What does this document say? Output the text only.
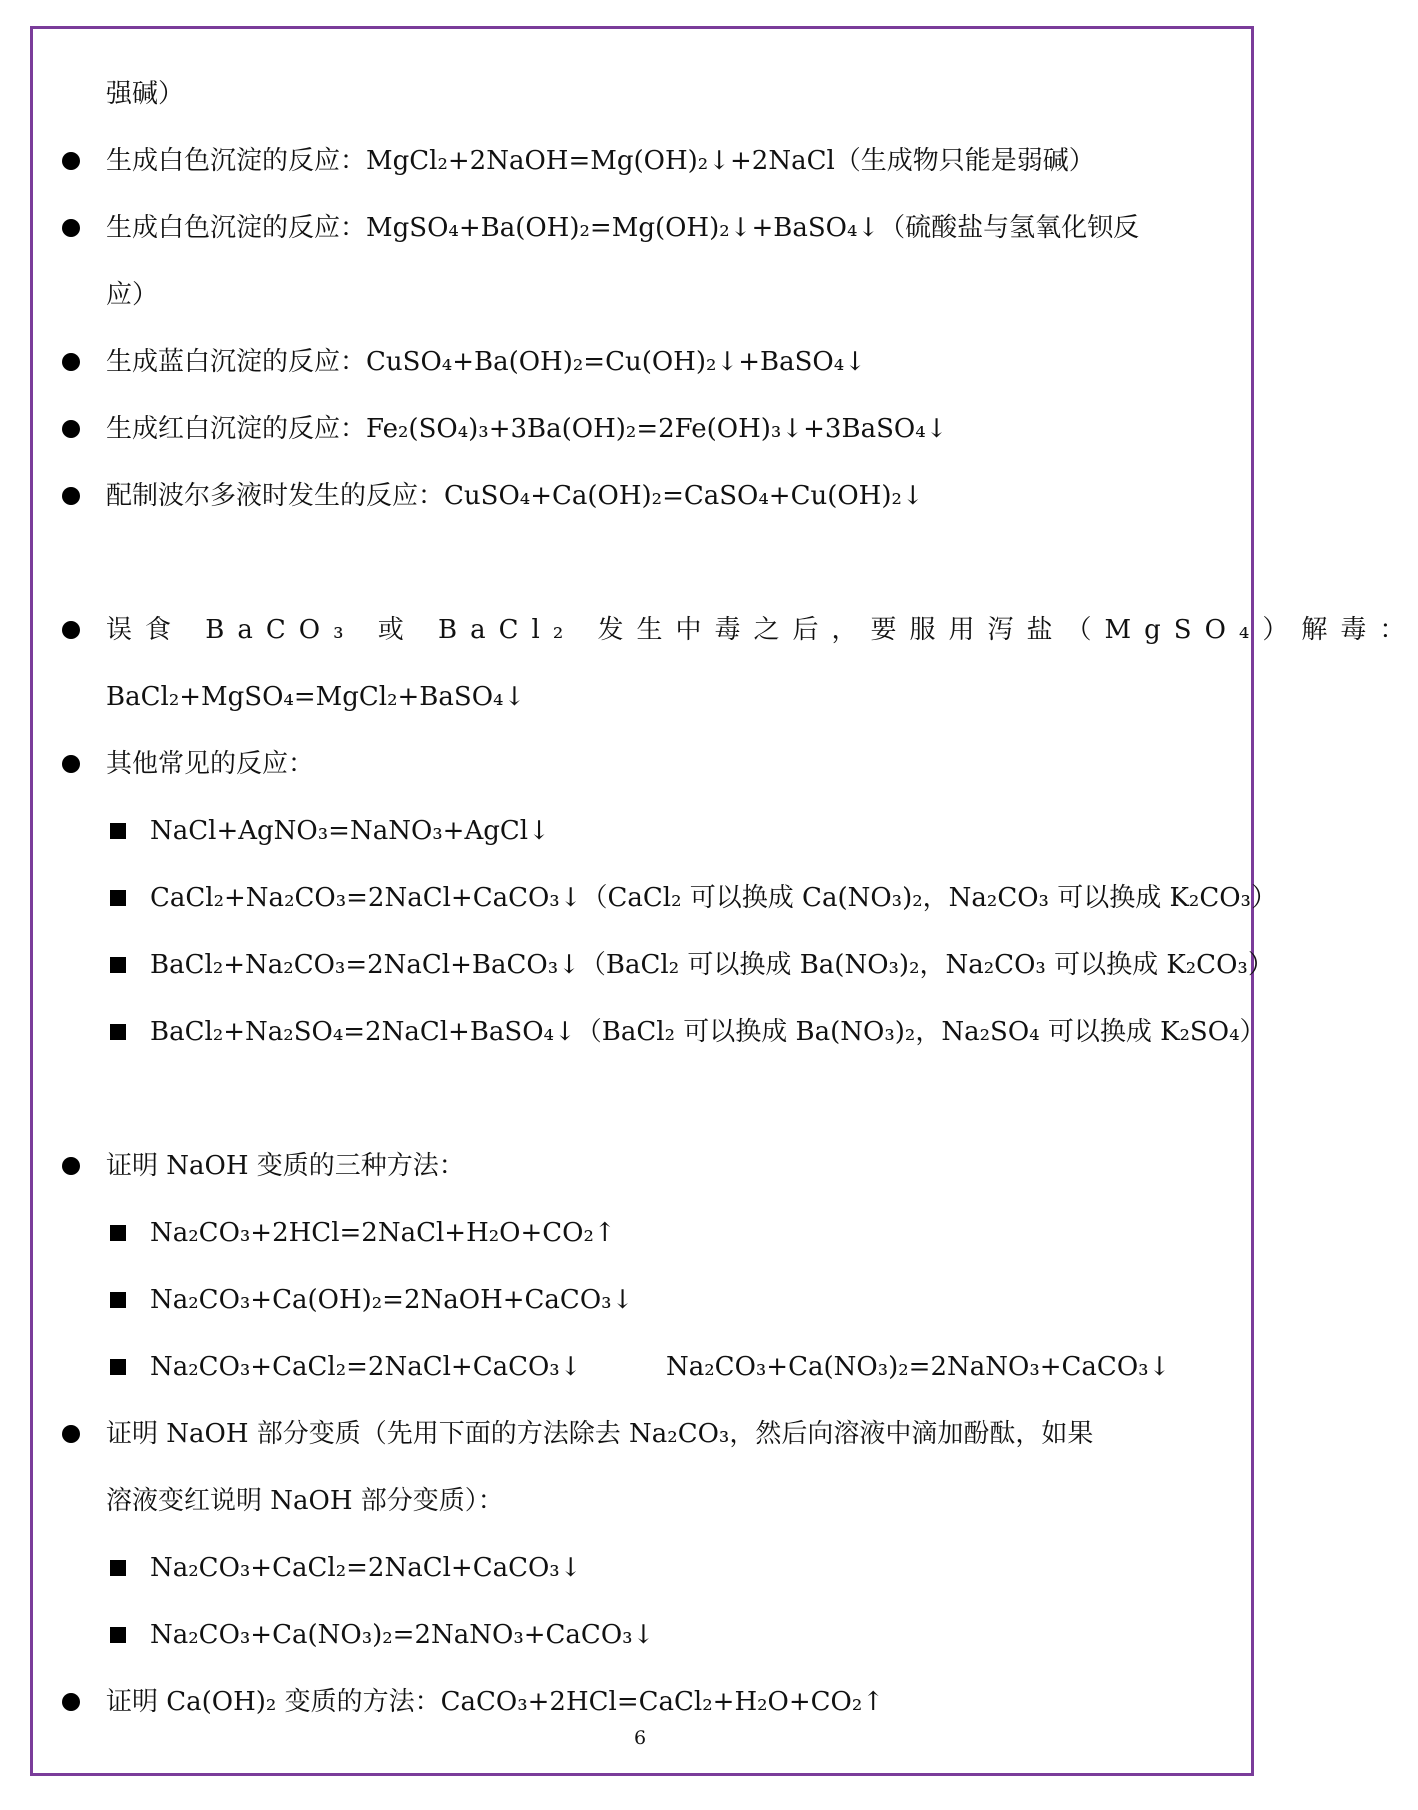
强碱）
生成白色沉淀的反应：MgCl₂+2NaOH=Mg(OH)₂↓+2NaCl（生成物只能是弱碱）
生成白色沉淀的反应：MgSO₄+Ba(OH)₂=Mg(OH)₂↓+BaSO₄↓（硫酸盐与氢氧化钡反
应）
生成蓝白沉淀的反应：CuSO₄+Ba(OH)₂=Cu(OH)₂↓+BaSO₄↓
生成红白沉淀的反应：Fe₂(SO₄)₃+3Ba(OH)₂=2Fe(OH)₃↓+3BaSO₄↓
配制波尔多液时发生的反应：CuSO₄+Ca(OH)₂=CaSO₄+Cu(OH)₂↓
误食 BaCO₃ 或 BaCl₂ 发生中毒之后，要服用泻盐（MgSO₄）解毒：
BaCl₂+MgSO₄=MgCl₂+BaSO₄↓
其他常见的反应：
NaCl+AgNO₃=NaNO₃+AgCl↓
CaCl₂+Na₂CO₃=2NaCl+CaCO₃↓（CaCl₂ 可以换成 Ca(NO₃)₂，Na₂CO₃ 可以换成 K₂CO₃）
BaCl₂+Na₂CO₃=2NaCl+BaCO₃↓（BaCl₂ 可以换成 Ba(NO₃)₂，Na₂CO₃ 可以换成 K₂CO₃）
BaCl₂+Na₂SO₄=2NaCl+BaSO₄↓（BaCl₂ 可以换成 Ba(NO₃)₂，Na₂SO₄ 可以换成 K₂SO₄）
证明 NaOH 变质的三种方法：
Na₂CO₃+2HCl=2NaCl+H₂O+CO₂↑
Na₂CO₃+Ca(OH)₂=2NaOH+CaCO₃↓
Na₂CO₃+CaCl₂=2NaCl+CaCO₃↓	Na₂CO₃+Ca(NO₃)₂=2NaNO₃+CaCO₃↓
证明 NaOH 部分变质（先用下面的方法除去 Na₂CO₃，然后向溶液中滴加酚酞，如果
溶液变红说明 NaOH 部分变质）：
Na₂CO₃+CaCl₂=2NaCl+CaCO₃↓
Na₂CO₃+Ca(NO₃)₂=2NaNO₃+CaCO₃↓
证明 Ca(OH)₂ 变质的方法：CaCO₃+2HCl=CaCl₂+H₂O+CO₂↑
6
